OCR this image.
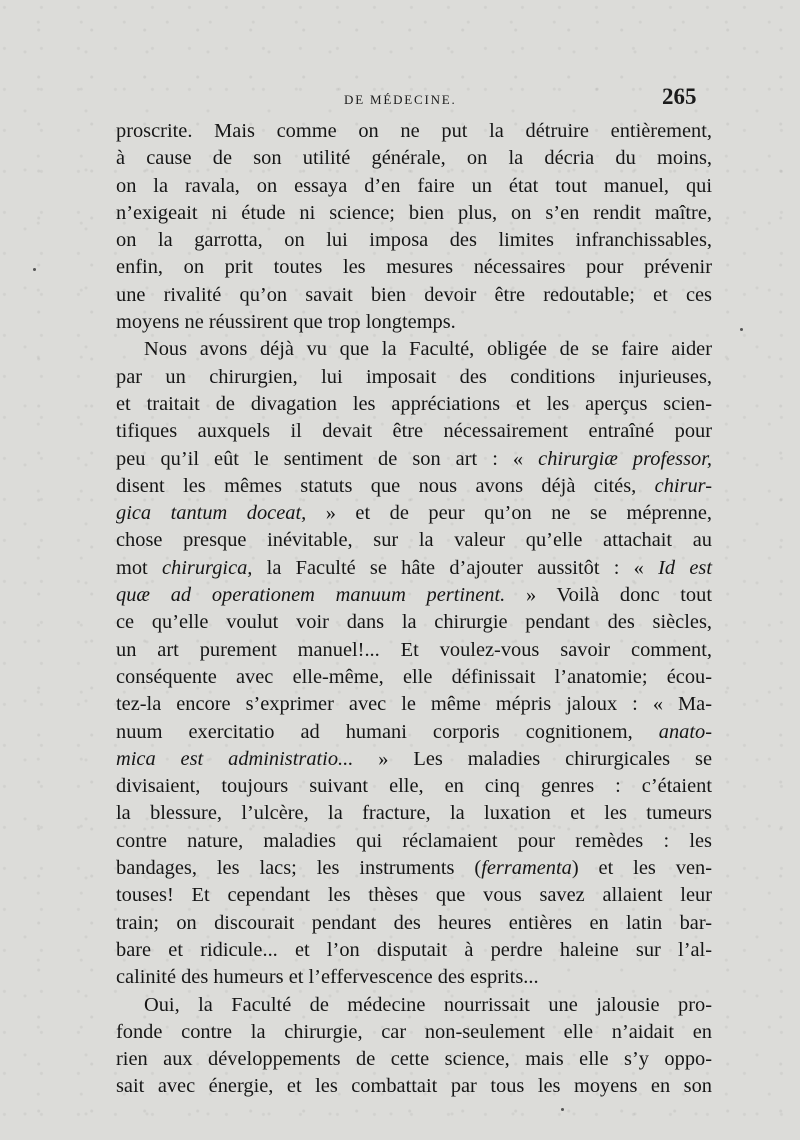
DE MÉDECINE.	265
proscrite. Mais comme on ne put la détruire entièrement,
à cause de son utilité générale, on la décria du moins,
on la ravala, on essaya d’en faire un état tout manuel, qui
n’exigeait ni étude ni science; bien plus, on s’en rendit maître,
on la garrotta, on lui imposa des limites infranchissables,
enfin, on prit toutes les mesures nécessaires pour prévenir
une rivalité qu’on savait bien devoir être redoutable; et ces
moyens ne réussirent que trop longtemps.
Nous avons déjà vu que la Faculté, obligée de se faire aider
par un chirurgien, lui imposait des conditions injurieuses,
et traitait de divagation les appréciations et les aperçus scien-
tifiques auxquels il devait être nécessairement entraîné pour
peu qu’il eût le sentiment de son art : « chirurgiæ professor,
disent les mêmes statuts que nous avons déjà cités, chirur-
gica tantum doceat, » et de peur qu’on ne se méprenne,
chose presque inévitable, sur la valeur qu’elle attachait au
mot chirurgica, la Faculté se hâte d’ajouter aussitôt : « Id est
quæ ad operationem manuum pertinent. » Voilà donc tout
ce qu’elle voulut voir dans la chirurgie pendant des siècles,
un art purement manuel!... Et voulez-vous savoir comment,
conséquente avec elle-même, elle définissait l’anatomie; écou-
tez-la encore s’exprimer avec le même mépris jaloux : « Ma-
nuum exercitatio ad humani corporis cognitionem, anato-
mica est administratio... » Les maladies chirurgicales se
divisaient, toujours suivant elle, en cinq genres : c’étaient
la blessure, l’ulcère, la fracture, la luxation et les tumeurs
contre nature, maladies qui réclamaient pour remèdes : les
bandages, les lacs; les instruments (ferramenta) et les ven-
touses! Et cependant les thèses que vous savez allaient leur
train; on discourait pendant des heures entières en latin bar-
bare et ridicule... et l’on disputait à perdre haleine sur l’al-
calinité des humeurs et l’effervescence des esprits...
Oui, la Faculté de médecine nourrissait une jalousie pro-
fonde contre la chirurgie, car non-seulement elle n’aidait en
rien aux développements de cette science, mais elle s’y oppo-
sait avec énergie, et les combattait par tous les moyens en son
